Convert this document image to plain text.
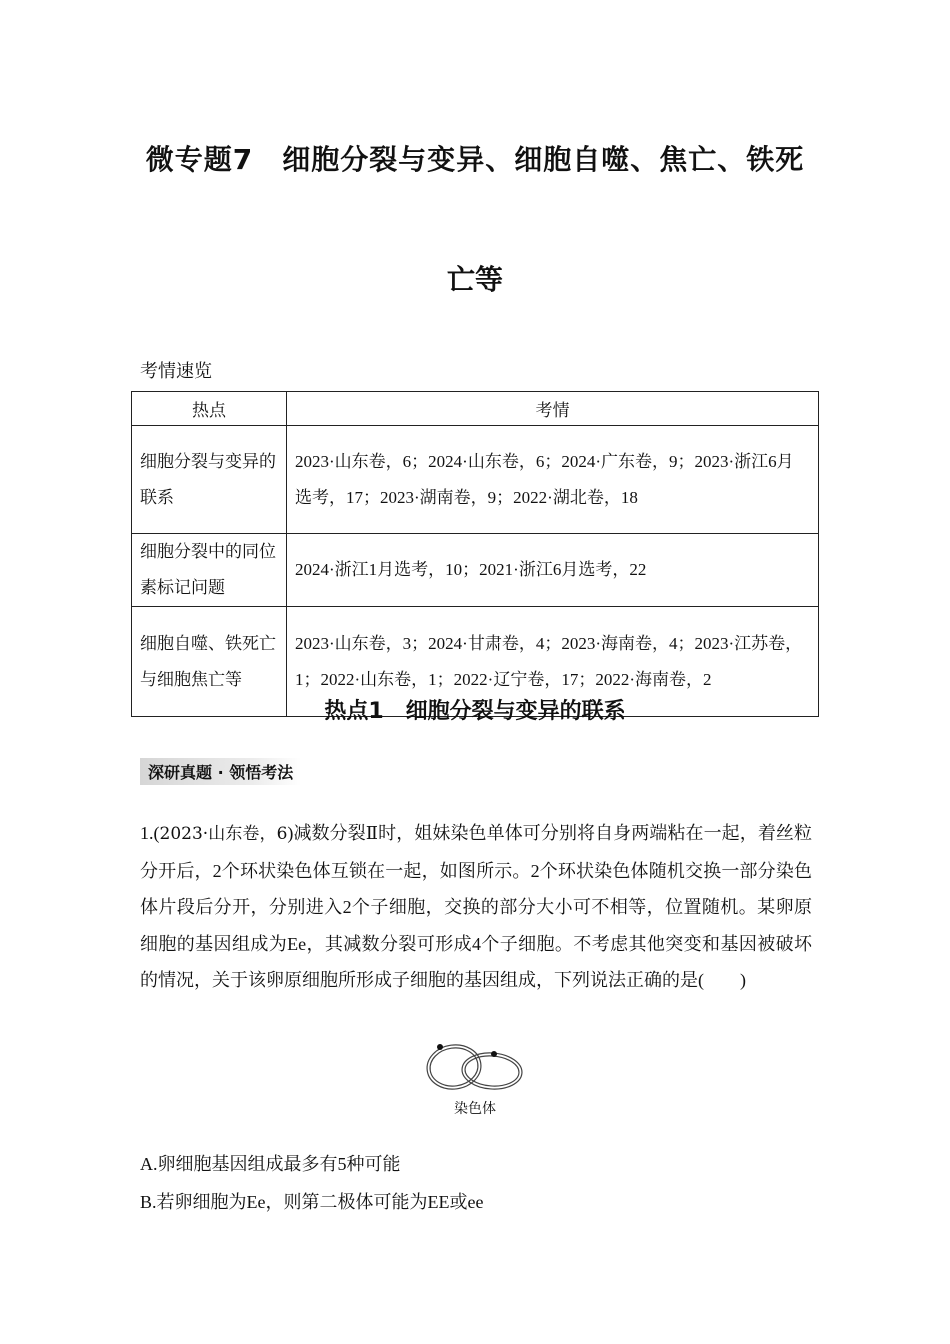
微专题7　细胞分裂与变异、细胞自噬、焦亡、铁死
亡等
考情速览
热点	考情
细胞分裂与变异的联系	2023·山东卷，6；2024·山东卷，6；2024·广东卷，9；2023·浙江6月选考，17；2023·湖南卷，9；2022·湖北卷，18
细胞分裂中的同位素标记问题	2024·浙江1月选考，10；2021·浙江6月选考，22
细胞自噬、铁死亡与细胞焦亡等	2023·山东卷，3；2024·甘肃卷，4；2023·海南卷，4；2023·江苏卷，1；2022·山东卷，1；2022·辽宁卷，17；2022·海南卷，2
热点1　细胞分裂与变异的联系
深研真题 · 领悟考法
1.(2023·山东卷，6)减数分裂Ⅱ时，姐妹染色单体可分别将自身两端粘在一起，着丝粒分开后，2个环状染色体互锁在一起，如图所示。2个环状染色体随机交换一部分染色体片段后分开，分别进入2个子细胞，交换的部分大小可不相等，位置随机。某卵原细胞的基因组成为Ee，其减数分裂可形成4个子细胞。不考虑其他突变和基因被破坏的情况，关于该卵原细胞所形成子细胞的基因组成，下列说法正确的是(　　)
染色体
A.卵细胞基因组成最多有5种可能
B.若卵细胞为Ee，则第二极体可能为EE或ee
